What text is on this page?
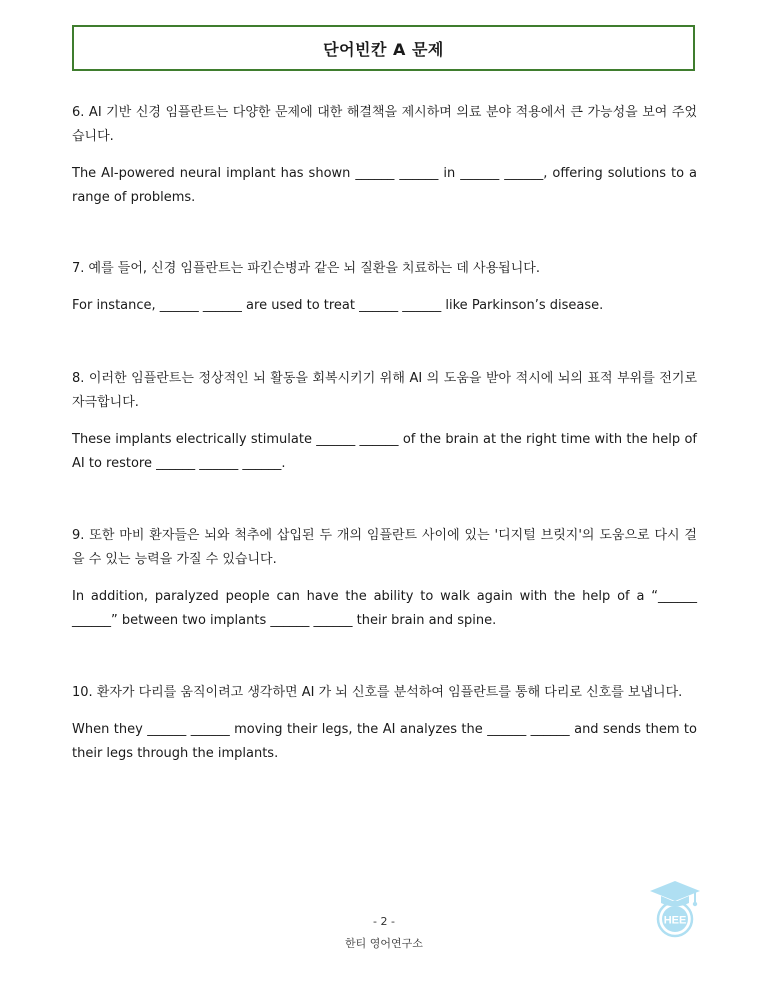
단어빈칸 A 문제

6. AI 기반 신경 임플란트는 다양한 문제에 대한 해결책을 제시하며 의료 분야 적용에서 큰 가능성을 보여 주었습니다.

The AI-powered neural implant has shown ______ ______ in ______ ______, offering solutions to a range of problems.

7. 예를 들어, 신경 임플란트는 파킨슨병과 같은 뇌 질환을 치료하는 데 사용됩니다.

For instance, ______ ______ are used to treat ______ ______ like Parkinson’s disease.

8. 이러한 임플란트는 정상적인 뇌 활동을 회복시키기 위해 AI 의 도움을 받아 적시에 뇌의 표적 부위를 전기로 자극합니다.

These implants electrically stimulate ______ ______ of the brain at the right time with the help of AI to restore ______ ______ ______.

9. 또한 마비 환자들은 뇌와 척추에 삽입된 두 개의 임플란트 사이에 있는 '디지털 브릿지'의 도움으로 다시 걸을 수 있는 능력을 가질 수 있습니다.

In addition, paralyzed people can have the ability to walk again with the help of a “______ ______” between two implants ______ ______ their brain and spine.

10. 환자가 다리를 움직이려고 생각하면 AI 가 뇌 신호를 분석하여 임플란트를 통해 다리로 신호를 보냅니다.

When they ______ ______ moving their legs, the AI analyzes the ______ ______ and sends them to their legs through the implants.

- 2 -
한티 영어연구소
HEE
